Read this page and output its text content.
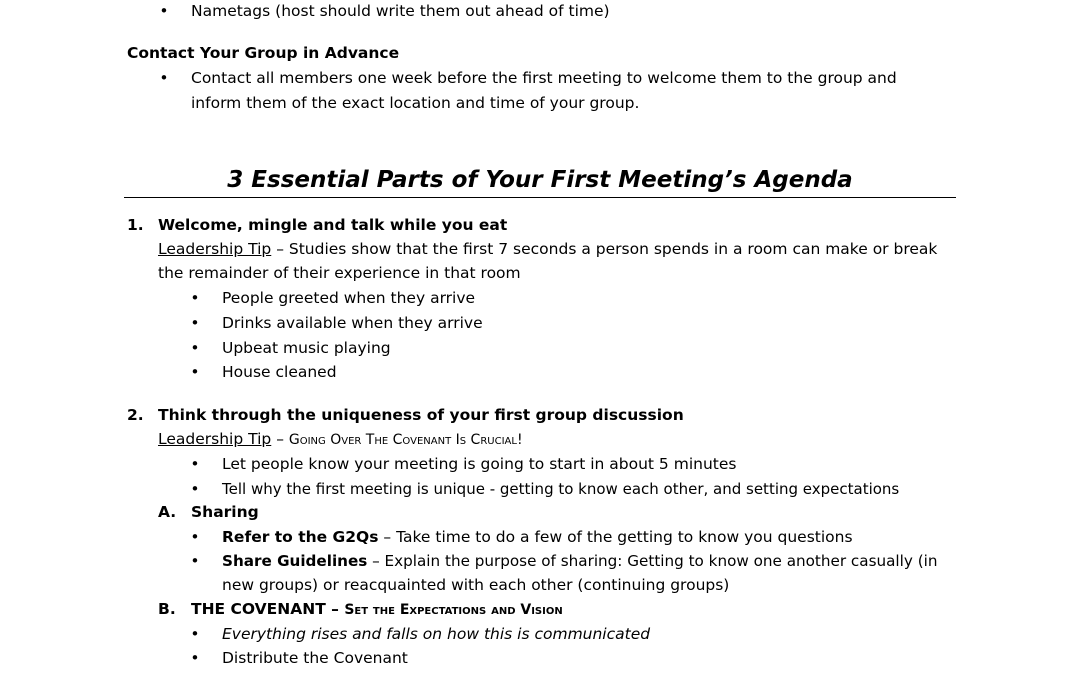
•	Nametags (host should write them out ahead of time)
Contact Your Group in Advance
•	Contact all members one week before the first meeting to welcome them to the group and
inform them of the exact location and time of your group.
3 Essential Parts of Your First Meeting’s Agenda
1. Welcome, mingle and talk while you eat
Leadership Tip – Studies show that the first 7 seconds a person spends in a room can make or break
the remainder of their experience in that room
•	People greeted when they arrive
•	Drinks available when they arrive
•	Upbeat music playing
•	House cleaned
2. Think through the uniqueness of your first group discussion
Leadership Tip – Going Over The Covenant Is Crucial!
•	Let people know your meeting is going to start in about 5 minutes
•	Tell why the first meeting is unique - getting to know each other, and setting expectations
A. Sharing
•	Refer to the G2Qs – Take time to do a few of the getting to know you questions
•	Share Guidelines – Explain the purpose of sharing: Getting to know one another casually (in
new groups) or reacquainted with each other (continuing groups)
B. THE COVENANT – Set the Expectations and Vision
•	Everything rises and falls on how this is communicated
•	Distribute the Covenant
